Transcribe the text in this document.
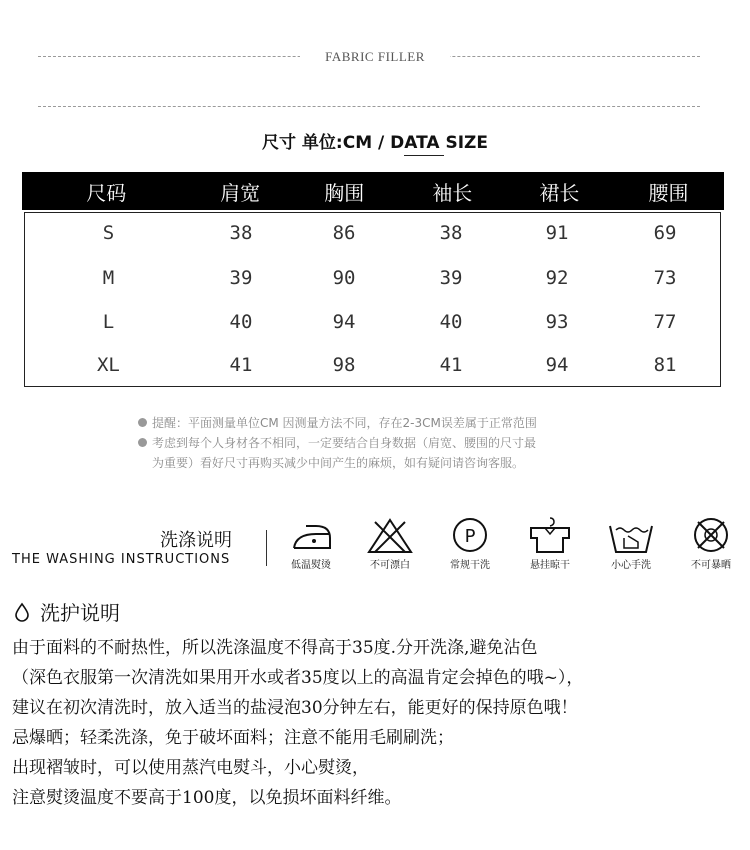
FABRIC FILLER
尺寸 单位:CM / DATA SIZE
尺码	肩宽	胸围	袖长	裙长	腰围
S	38	86	38	91	69
M	39	90	39	92	73
L	40	94	40	93	77
XL	41	98	41	94	81
提醒：平面测量单位CM 因测量方法不同，存在2-3CM误差属于正常范围
考虑到每个人身材各不相同，一定要结合自身数据（肩宽、腰围的尺寸最
为重要）看好尺寸再购买减少中间产生的麻烦，如有疑问请咨询客服。
洗涤说明
THE WASHING INSTRUCTIONS	低温熨烫	不可漂白
P
常规干洗	悬挂晾干	小心手洗	不可暴晒
洗护说明
由于面料的不耐热性，所以洗涤温度不得高于35度.分开洗涤,避免沾色
（深色衣服第一次清洗如果用开水或者35度以上的高温肯定会掉色的哦~），
建议在初次清洗时，放入适当的盐浸泡30分钟左右，能更好的保持原色哦！
忌爆晒；轻柔洗涤，免于破坏面料；注意不能用毛刷刷洗；
出现褶皱时，可以使用蒸汽电熨斗，小心熨烫，
注意熨烫温度不要高于100度，以免损坏面料纤维。
